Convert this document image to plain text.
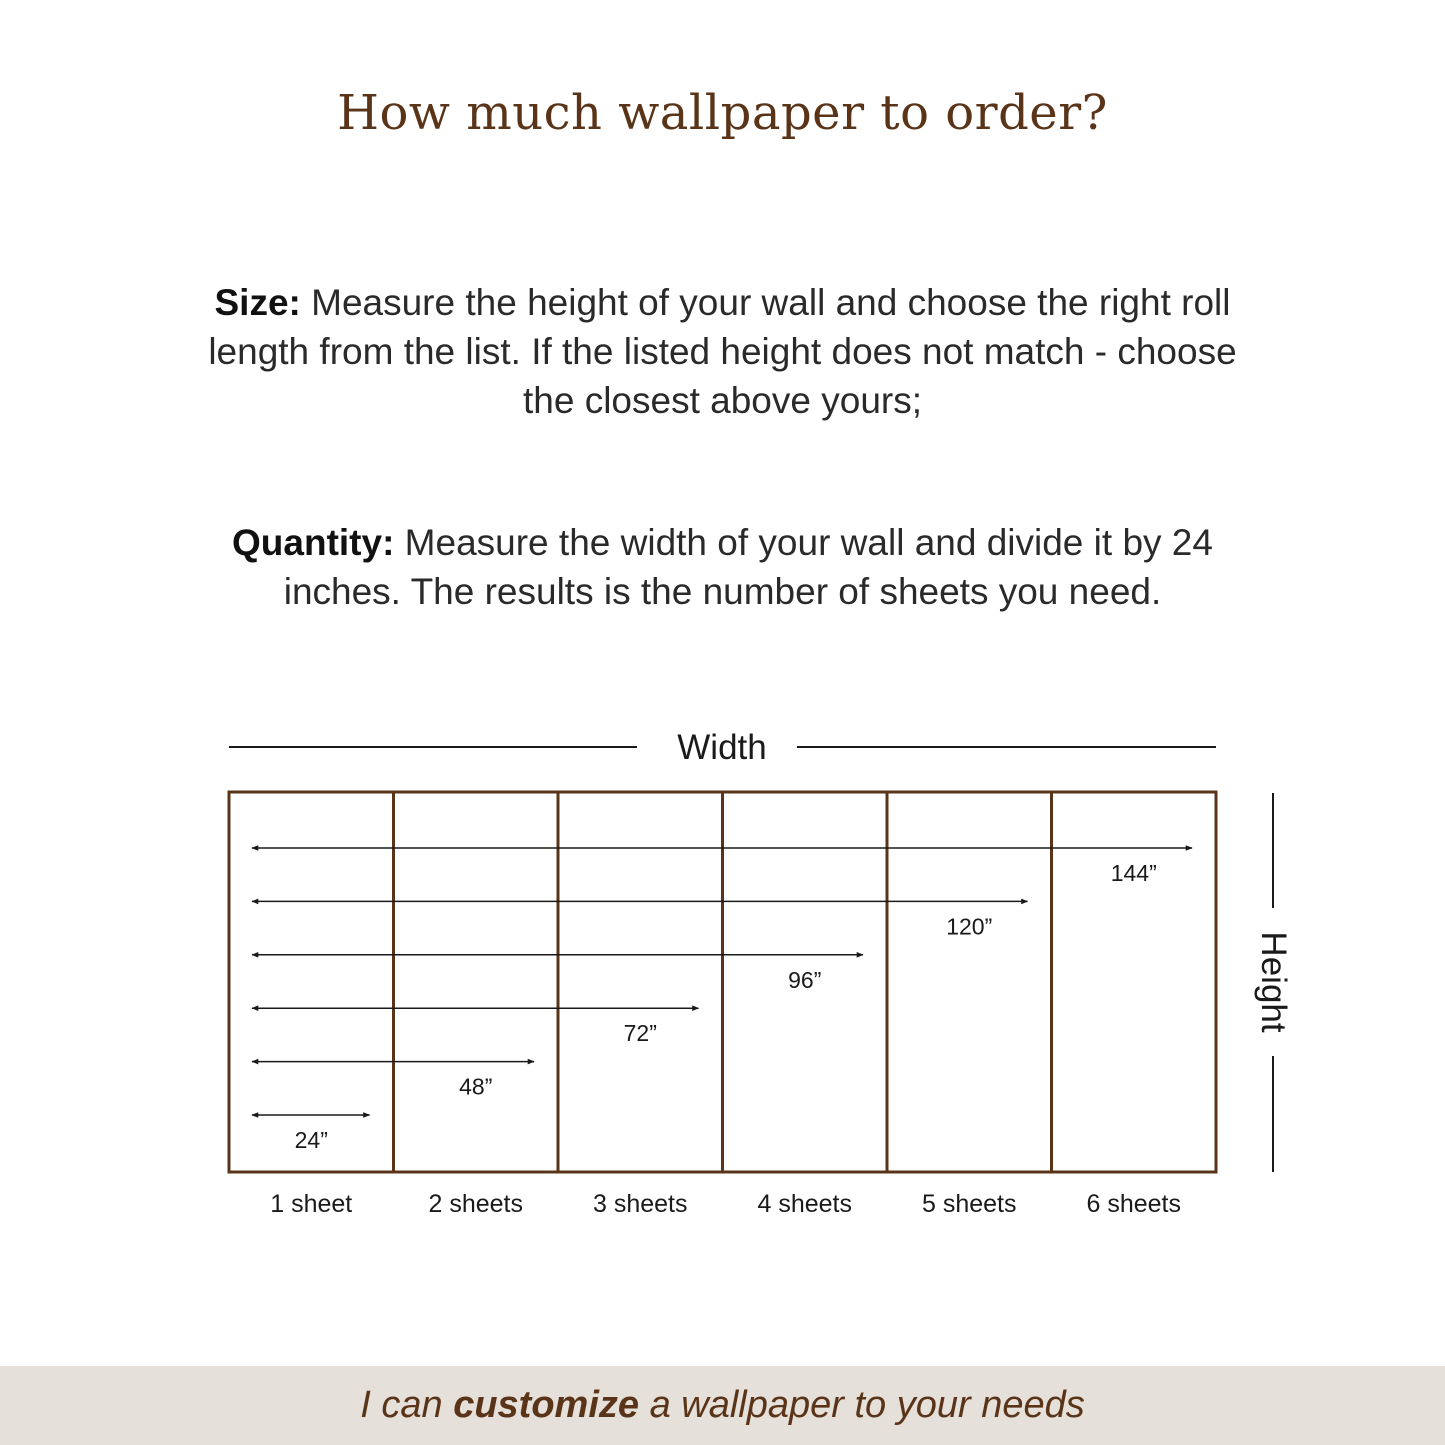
How much wallpaper to order?
Size: Measure the height of your wall and choose the right roll length from the list. If the listed height does not match - choose the closest above yours;
Quantity: Measure the width of your wall and divide it by 24 inches. The results is the number of sheets you need.
Width
Height
24”
48”
72”
96”
120”
144”
1 sheet	2 sheets	3 sheets	4 sheets	5 sheets	6 sheets
I can customize a wallpaper to your needs
